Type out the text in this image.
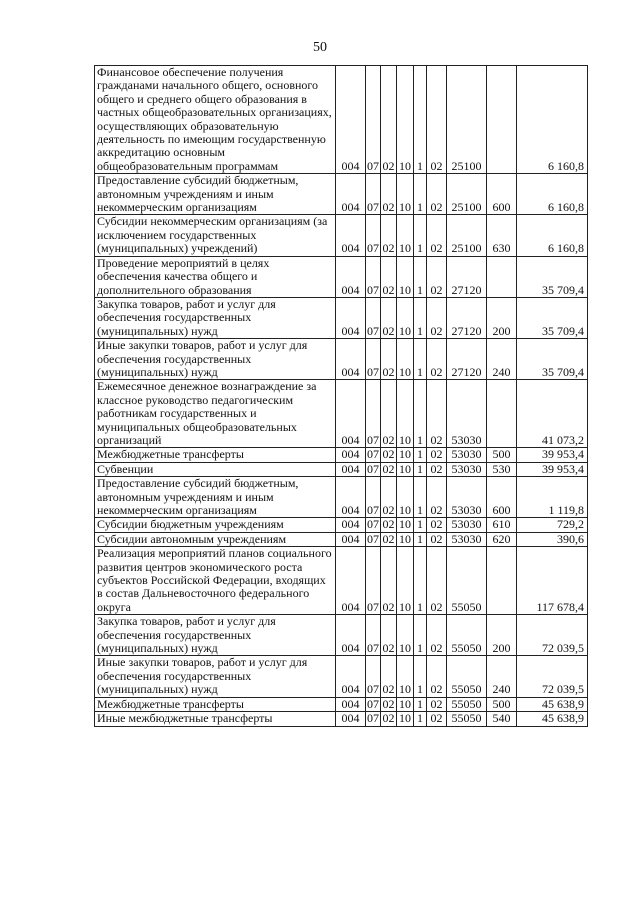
50
Финансовое обеспечение получения гражданами начального общего, основного общего и среднего общего образования в частных общеобразовательных организациях, осуществляющих образовательную деятельность по имеющим государственную аккредитацию основным общеобразовательным программам	004	07	02	10	1	02	25100		6 160,8

Предоставление субсидий бюджетным, автономным учреждениям и иным некоммерческим организациям	004	07	02	10	1	02	25100	600	6 160,8

Субсидии некоммерческим организациям (за исключением государственных (муниципальных) учреждений)	004	07	02	10	1	02	25100	630	6 160,8

Проведение мероприятий в целях обеспечения качества общего и дополнительного образования	004	07	02	10	1	02	27120		35 709,4

Закупка товаров, работ и услуг для обеспечения государственных (муниципальных) нужд	004	07	02	10	1	02	27120	200	35 709,4

Иные закупки товаров, работ и услуг для обеспечения государственных (муниципальных) нужд	004	07	02	10	1	02	27120	240	35 709,4

Ежемесячное денежное вознаграждение за классное руководство педагогическим работникам государственных и муниципальных общеобразовательных организаций	004	07	02	10	1	02	53030		41 073,2

Межбюджетные трансферты	004	07	02	10	1	02	53030	500	39 953,4

Субвенции	004	07	02	10	1	02	53030	530	39 953,4

Предоставление субсидий бюджетным, автономным учреждениям и иным некоммерческим организациям	004	07	02	10	1	02	53030	600	1 119,8

Субсидии бюджетным учреждениям	004	07	02	10	1	02	53030	610	729,2

Субсидии автономным учреждениям	004	07	02	10	1	02	53030	620	390,6

Реализация мероприятий планов социального развития центров экономического роста субъектов Российской Федерации, входящих в состав Дальневосточного федерального округа	004	07	02	10	1	02	55050		117 678,4

Закупка товаров, работ и услуг для обеспечения государственных (муниципальных) нужд	004	07	02	10	1	02	55050	200	72 039,5

Иные закупки товаров, работ и услуг для обеспечения государственных (муниципальных) нужд	004	07	02	10	1	02	55050	240	72 039,5

Межбюджетные трансферты	004	07	02	10	1	02	55050	500	45 638,9

Иные межбюджетные трансферты	004	07	02	10	1	02	55050	540	45 638,9
